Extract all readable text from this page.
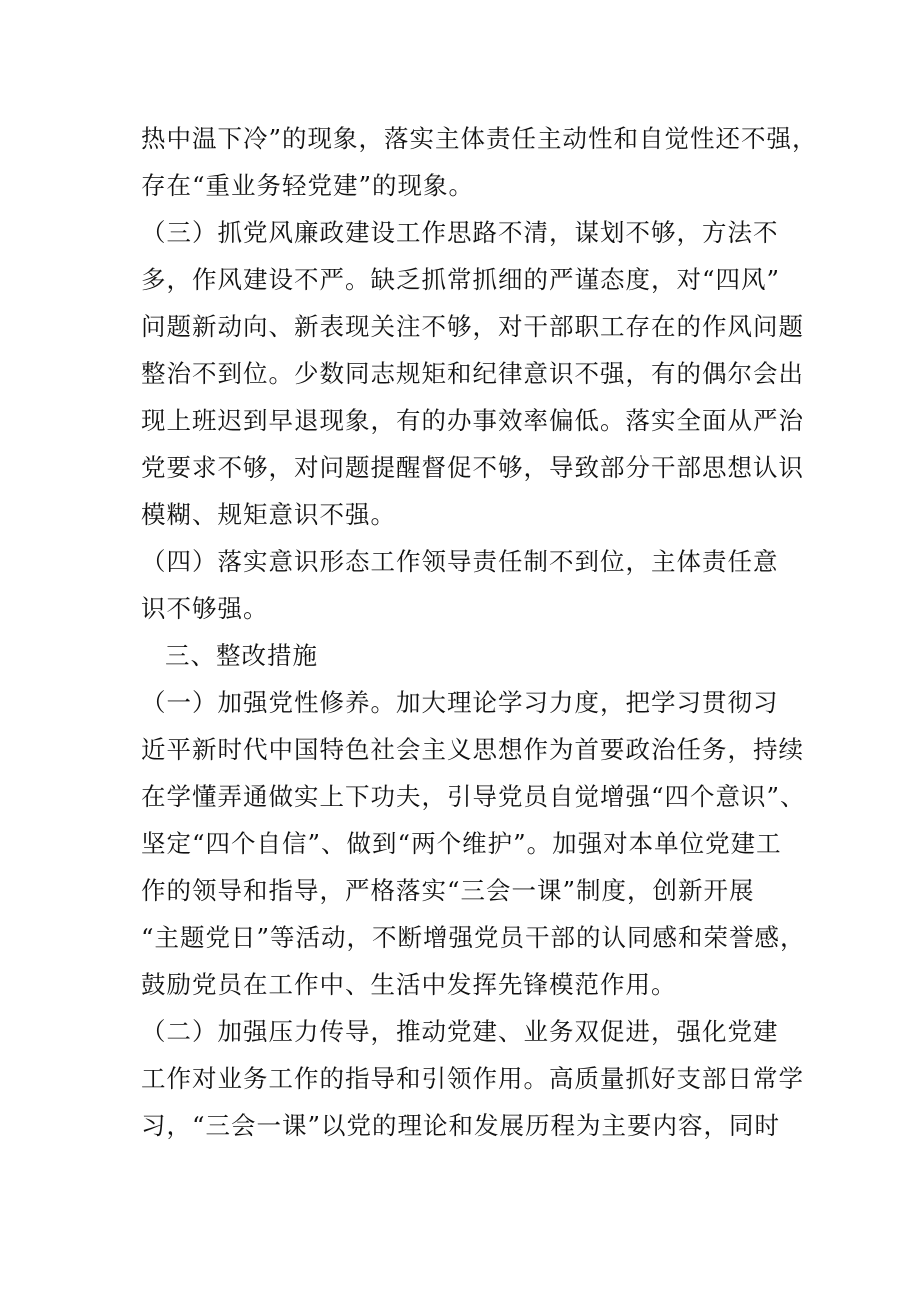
热中温下冷”的现象，落实主体责任主动性和自觉性还不强，
存在“重业务轻党建”的现象。
（三）抓党风廉政建设工作思路不清，谋划不够，方法不
多，作风建设不严。缺乏抓常抓细的严谨态度，对“四风”
问题新动向、新表现关注不够，对干部职工存在的作风问题
整治不到位。少数同志规矩和纪律意识不强，有的偶尔会出
现上班迟到早退现象，有的办事效率偏低。落实全面从严治
党要求不够，对问题提醒督促不够，导致部分干部思想认识
模糊、规矩意识不强。
（四）落实意识形态工作领导责任制不到位，主体责任意
识不够强。
三、整改措施
（一）加强党性修养。加大理论学习力度，把学习贯彻习
近平新时代中国特色社会主义思想作为首要政治任务，持续
在学懂弄通做实上下功夫，引导党员自觉增强“四个意识”、
坚定“四个自信”、做到“两个维护”。加强对本单位党建工
作的领导和指导，严格落实“三会一课”制度，创新开展
“主题党日”等活动，不断增强党员干部的认同感和荣誉感，
鼓励党员在工作中、生活中发挥先锋模范作用。
（二）加强压力传导，推动党建、业务双促进，强化党建
工作对业务工作的指导和引领作用。高质量抓好支部日常学
习，“三会一课”以党的理论和发展历程为主要内容，同时
